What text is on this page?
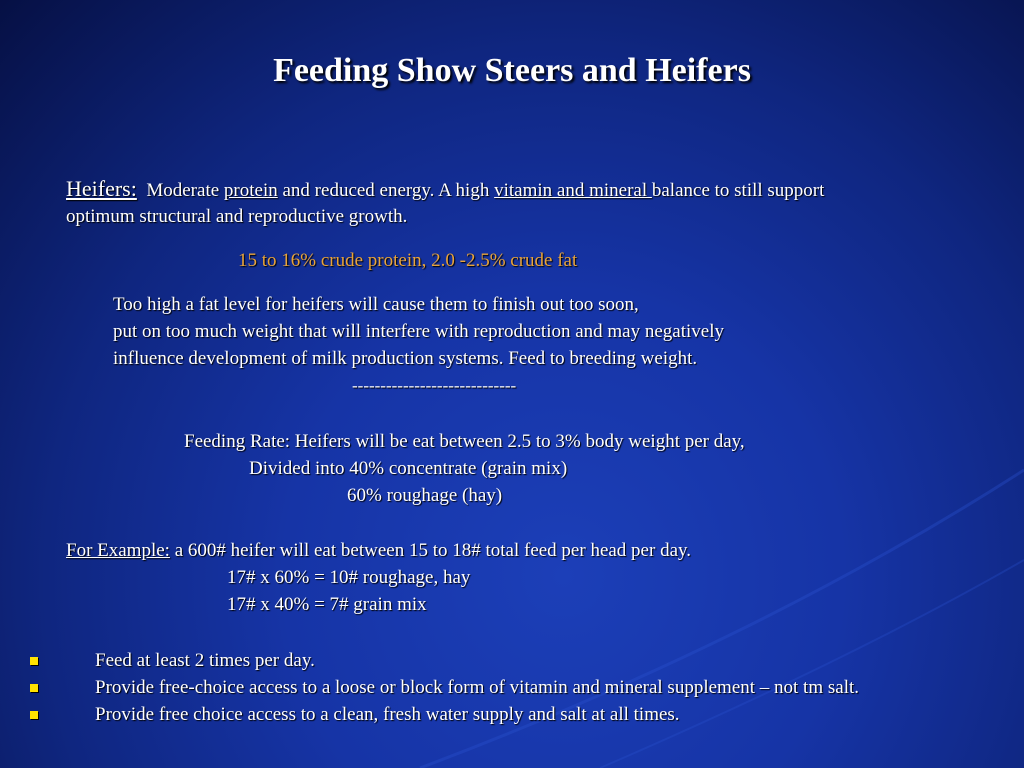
Feeding Show Steers and Heifers
Heifers: Moderate protein and reduced energy. A high vitamin and mineral balance to still support
optimum structural and reproductive growth.
15 to 16% crude protein, 2.0 -2.5% crude fat
Too high a fat level for heifers will cause them to finish out too soon,
put on too much weight that will interfere with reproduction and may negatively
influence development of milk production systems. Feed to breeding weight.
-----------------------------
Feeding Rate: Heifers will be eat between 2.5 to 3% body weight per day,
Divided into 40% concentrate (grain mix)
60% roughage (hay)
For Example: a 600# heifer will eat between 15 to 18# total feed per head per day.
17# x 60% = 10# roughage, hay
17# x 40% = 7# grain mix
Feed at least 2 times per day.
Provide free-choice access to a loose or block form of vitamin and mineral supplement – not tm salt.
Provide free choice access to a clean, fresh water supply and salt at all times.
